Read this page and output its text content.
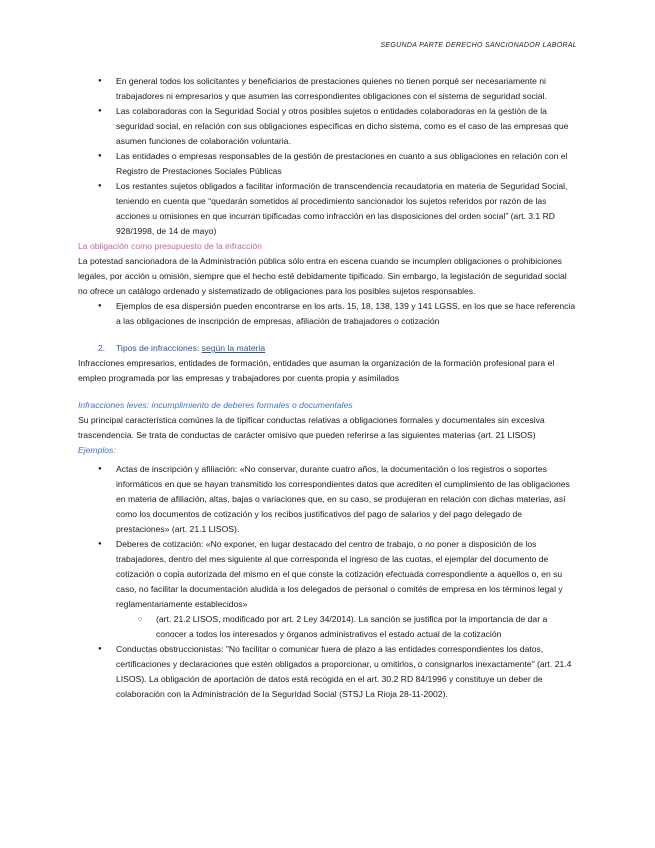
SEGUNDA PARTE DERECHO SANCIONADOR LABORAL

● En general todos los solicitantes y beneficiarios de prestaciones quienes no tienen porqué ser necesariamente ni trabajadores ni empresarios y que asumen las correspondientes obligaciones con el sistema de seguridad social.

● Las colaboradoras con la Seguridad Social y otros posibles sujetos o entidades colaboradoras en la gestión de la seguridad social, en relación con sus obligaciones específicas en dicho sistema, como es el caso de las empresas que asumen funciones de colaboración voluntaria.

● Las entidades o empresas responsables de la gestión de prestaciones en cuanto a sus obligaciones en relación con el Registro de Prestaciones Sociales Públicas

● Los restantes sujetos obligados a facilitar información de transcendencia recaudatoria en materia de Seguridad Social, teniendo en cuenta que “quedarán sometidos al procedimiento sancionador los sujetos referidos por razón de las acciones u omisiones en que incurran tipificadas como infracción en las disposiciones del orden social” (art. 3.1 RD 928/1998, de 14 de mayo)

La obligación como presupuesto de la infracción

La potestad sancionadora de la Administración pública sólo entra en escena cuando se incumplen obligaciones o prohibiciones legales, por acción u omisión, siempre que el hecho esté debidamente tipificado. Sin embargo, la legislación de seguridad social no ofrece un catálogo ordenado y sistematizado de obligaciones para los posibles sujetos responsables.

● Ejemplos de esa dispersión pueden encontrarse en los arts. 15, 18, 138, 139 y 141 LGSS, en los que se hace referencia a las obligaciones de inscripción de empresas, afiliación de trabajadores o cotización

2. Tipos de infracciones: según la materia

Infracciones empresarios, entidades de formación, entidades que asuman la organización de la formación profesional para el empleo programada por las empresas y trabajadores por cuenta propia y asimilados

Infracciones leves: incumplimiento de deberes formales o documentales

Su principal característica comúnes la de tipificar conductas relativas a obligaciones formales y documentales sin excesiva trascendencia. Se trata de conductas de carácter omisivo que pueden referirse a las siguientes materias (art. 21 LISOS)

Ejemplos:

● Actas de inscripción y afiliación: «No conservar, durante cuatro años, la documentación o los registros o soportes informáticos en que se hayan transmitido los correspondientes datos que acrediten el cumplimiento de las obligaciones en materia de afiliación, altas, bajas o variaciones que, en su caso, se produjeran en relación con dichas materias, así como los documentos de cotización y los recibos justificativos del pago de salarios y del pago delegado de prestaciones» (art. 21.1 LISOS).

● Deberes de cotización: «No exponer, en lugar destacado del centro de trabajo, o no poner a disposición de los trabajadores, dentro del mes siguiente al que corresponda el ingreso de las cuotas, el ejemplar del documento de cotización o copia autorizada del mismo en el que conste la cotización efectuada correspondiente a aquellos o, en su caso, no facilitar la documentación aludida a los delegados de personal o comités de empresa en los términos legal y reglamentariamente establecidos»

○ (art. 21.2 LISOS, modificado por art. 2 Ley 34/2014). La sanción se justifica por la importancia de dar a conocer a todos los interesados y órganos administrativos el estado actual de la cotización

● Conductas obstruccionistas: "No facilitar o comunicar fuera de plazo a las entidades correspondientes los datos, certificaciones y declaraciones que estén obligados a proporcionar, u omitirlos, o consignarlos inexactamente" (art. 21.4 LISOS). La obligación de aportación de datos está recogida en el art. 30.2 RD 84/1996 y constituye un deber de colaboración con la Administración de la Seguridad Social (STSJ La Rioja 28-11-2002).
